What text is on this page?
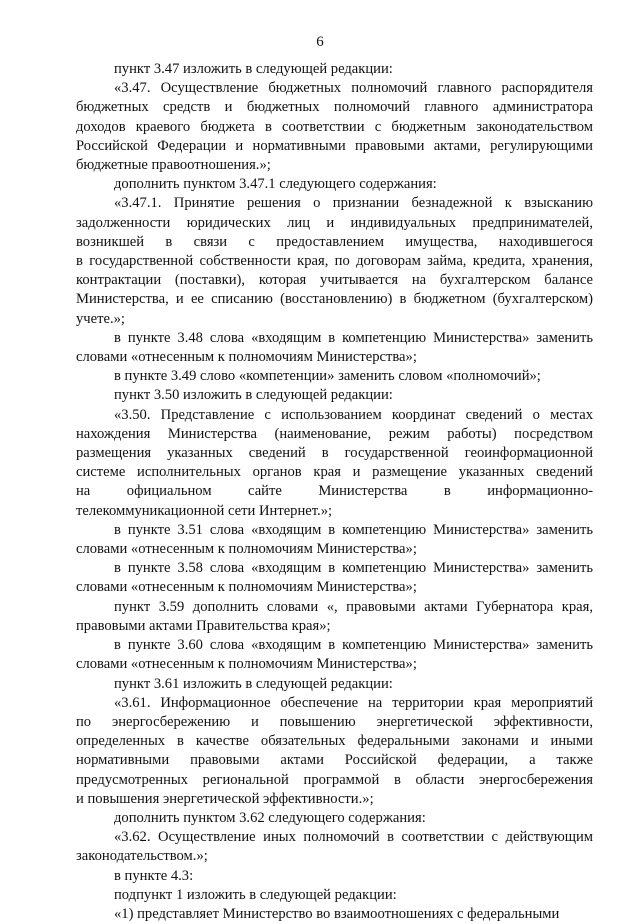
6

пункт 3.47 изложить в следующей редакции:

«3.47. Осуществление бюджетных полномочий главного распорядителя
бюджетных средств и бюджетных полномочий главного администратора
доходов краевого бюджета в соответствии с бюджетным законодательством
Российской Федерации и нормативными правовыми актами, регулирующими
бюджетные правоотношения.»;

дополнить пунктом 3.47.1 следующего содержания:

«3.47.1. Принятие решения о признании безнадежной к взысканию
задолженности юридических лиц и индивидуальных предпринимателей,
возникшей в связи с предоставлением имущества, находившегося
в государственной собственности края, по договорам займа, кредита, хранения,
контрактации (поставки), которая учитывается на бухгалтерском балансе
Министерства, и ее списанию (восстановлению) в бюджетном (бухгалтерском)
учете.»;

в пункте 3.48 слова «входящим в компетенцию Министерства» заменить
словами «отнесенным к полномочиям Министерства»;

в пункте 3.49 слово «компетенции» заменить словом «полномочий»;

пункт 3.50 изложить в следующей редакции:

«3.50. Представление с использованием координат сведений о местах
нахождения Министерства (наименование, режим работы) посредством
размещения указанных сведений в государственной геоинформационной
системе исполнительных органов края и размещение указанных сведений
на официальном сайте Министерства в информационно-
телекоммуникационной сети Интернет.»;

в пункте 3.51 слова «входящим в компетенцию Министерства» заменить
словами «отнесенным к полномочиям Министерства»;

в пункте 3.58 слова «входящим в компетенцию Министерства» заменить
словами «отнесенным к полномочиям Министерства»;

пункт 3.59 дополнить словами «, правовыми актами Губернатора края,
правовыми актами Правительства края»;

в пункте 3.60 слова «входящим в компетенцию Министерства» заменить
словами «отнесенным к полномочиям Министерства»;

пункт 3.61 изложить в следующей редакции:

«3.61. Информационное обеспечение на территории края мероприятий
по энергосбережению и повышению энергетической эффективности,
определенных в качестве обязательных федеральными законами и иными
нормативными правовыми актами Российской федерации, а также
предусмотренных региональной программой в области энергосбережения
и повышения энергетической эффективности.»;

дополнить пунктом 3.62 следующего содержания:

«3.62. Осуществление иных полномочий в соответствии с действующим
законодательством.»;

в пункте 4.3:

подпункт 1 изложить в следующей редакции:

«1) представляет Министерство во взаимоотношениях с федеральными
